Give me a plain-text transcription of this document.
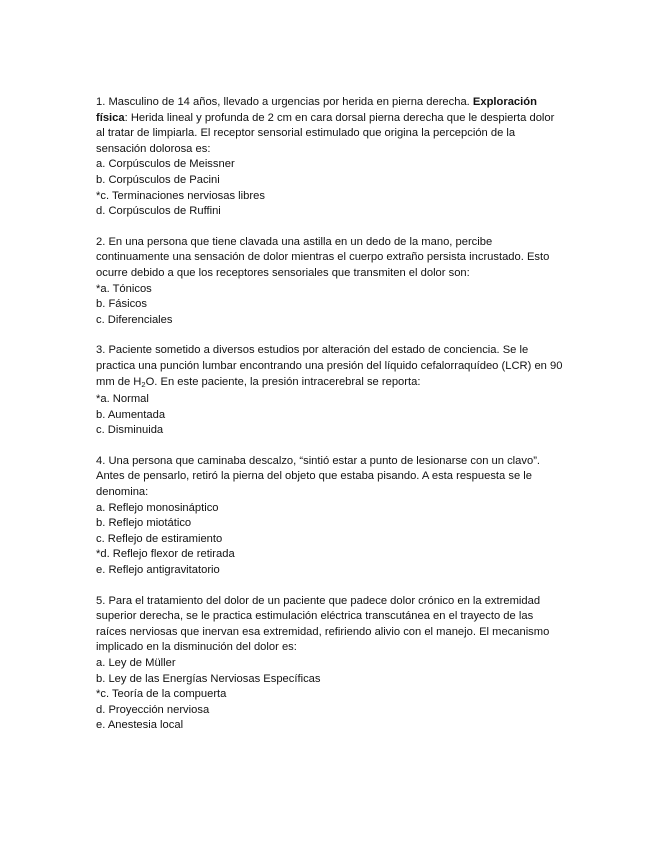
1. Masculino de 14 años, llevado a urgencias por herida en pierna derecha. Exploración física: Herida lineal y profunda de 2 cm en cara dorsal pierna derecha que le despierta dolor al tratar de limpiarla. El receptor sensorial estimulado que origina la percepción de la sensación dolorosa es:
a. Corpúsculos de Meissner
b. Corpúsculos de Pacini
*c. Terminaciones nerviosas libres
d. Corpúsculos de Ruffini
2. En una persona que tiene clavada una astilla en un dedo de la mano, percibe continuamente una sensación de dolor mientras el cuerpo extraño persista incrustado. Esto ocurre debido a que los receptores sensoriales que transmiten el dolor son:
*a. Tónicos
b. Fásicos
c. Diferenciales
3. Paciente sometido a diversos estudios por alteración del estado de conciencia. Se le practica una punción lumbar encontrando una presión del líquido cefalorraquídeo (LCR) en 90 mm de $H_2O$. En este paciente, la presión intracerebral se reporta:
*a. Normal
b. Aumentada
c. Disminuida
4. Una persona que caminaba descalzo, “sintió estar a punto de lesionarse con un clavo”. Antes de pensarlo, retiró la pierna del objeto que estaba pisando. A esta respuesta se le denomina:
a. Reflejo monosináptico
b. Reflejo miotático
c. Reflejo de estiramiento
*d. Reflejo flexor de retirada
e. Reflejo antigravitatorio
5. Para el tratamiento del dolor de un paciente que padece dolor crónico en la extremidad superior derecha, se le practica estimulación eléctrica transcutánea en el trayecto de las raíces nerviosas que inervan esa extremidad, refiriendo alivio con el manejo. El mecanismo implicado en la disminución del dolor es:
a. Ley de Müller
b. Ley de las Energías Nerviosas Específicas
*c. Teoría de la compuerta
d. Proyección nerviosa
e. Anestesia local
